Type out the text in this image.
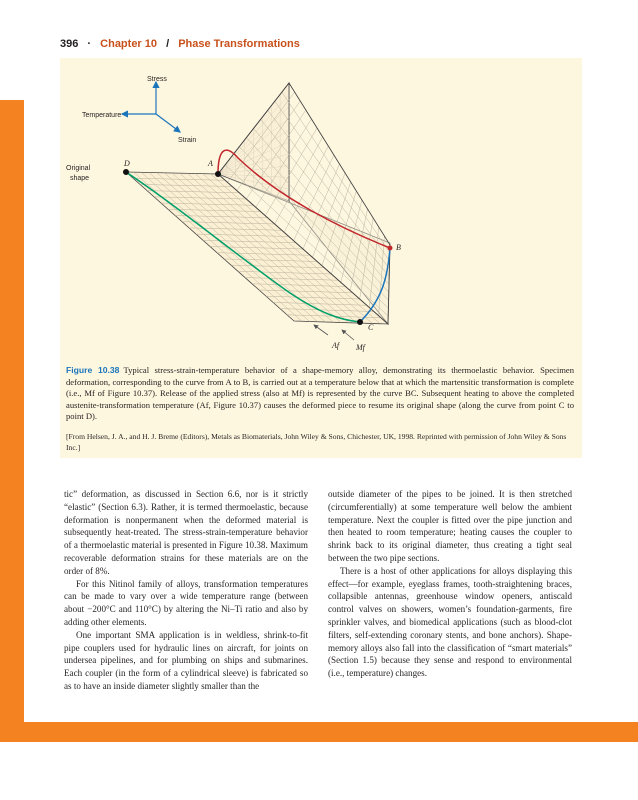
396 · Chapter 10 / Phase Transformations
Stress
Temperature
Strain
D	A
B
C
Original
shape
Af Mf
Figure 10.38 Typical stress-strain-temperature behavior of a shape-memory alloy, demonstrating its thermoelastic behavior. Specimen deformation, corresponding to the curve from A to B, is carried out at a temperature below that at which the martensitic transformation is complete (i.e., Mf of Figure 10.37). Release of the applied stress (also at Mf) is represented by the curve BC. Subsequent heating to above the completed austenite-transformation temperature (Af, Figure 10.37) causes the deformed piece to resume its original shape (along the curve from point C to point D).
[From Helsen, J. A., and H. J. Breme (Editors), Metals as Biomaterials, John Wiley & Sons, Chichester, UK, 1998. Reprinted with permission of John Wiley & Sons Inc.]

tic” deformation, as discussed in Section 6.6, nor is it strictly “elastic” (Section 6.3). Rather, it is termed thermoelastic, because deformation is nonpermanent when the deformed material is subsequently heat-treated. The stress-strain-temperature behavior of a thermoelastic material is presented in Figure 10.38. Maximum recoverable deformation strains for these materials are on the order of 8%.

For this Nitinol family of alloys, transformation temperatures can be made to vary over a wide temperature range (between about −200°C and 110°C) by altering the Ni–Ti ratio and also by adding other elements.

One important SMA application is in weldless, shrink-to-fit pipe couplers used for hydraulic lines on aircraft, for joints on undersea pipelines, and for plumbing on ships and submarines. Each coupler (in the form of a cylindrical sleeve) is fabricated so as to have an inside diameter slightly smaller than the

outside diameter of the pipes to be joined. It is then stretched (circumferentially) at some temperature well below the ambient temperature. Next the coupler is fitted over the pipe junction and then heated to room temperature; heating causes the coupler to shrink back to its original diameter, thus creating a tight seal between the two pipe sections.

There is a host of other applications for alloys displaying this effect—for example, eyeglass frames, tooth-straightening braces, collapsible antennas, greenhouse window openers, antiscald control valves on showers, women’s foundation-garments, fire sprinkler valves, and biomedical applications (such as blood-clot filters, self-extending coronary stents, and bone anchors). Shape-memory alloys also fall into the classification of “smart materials” (Section 1.5) because they sense and respond to environmental (i.e., temperature) changes.
